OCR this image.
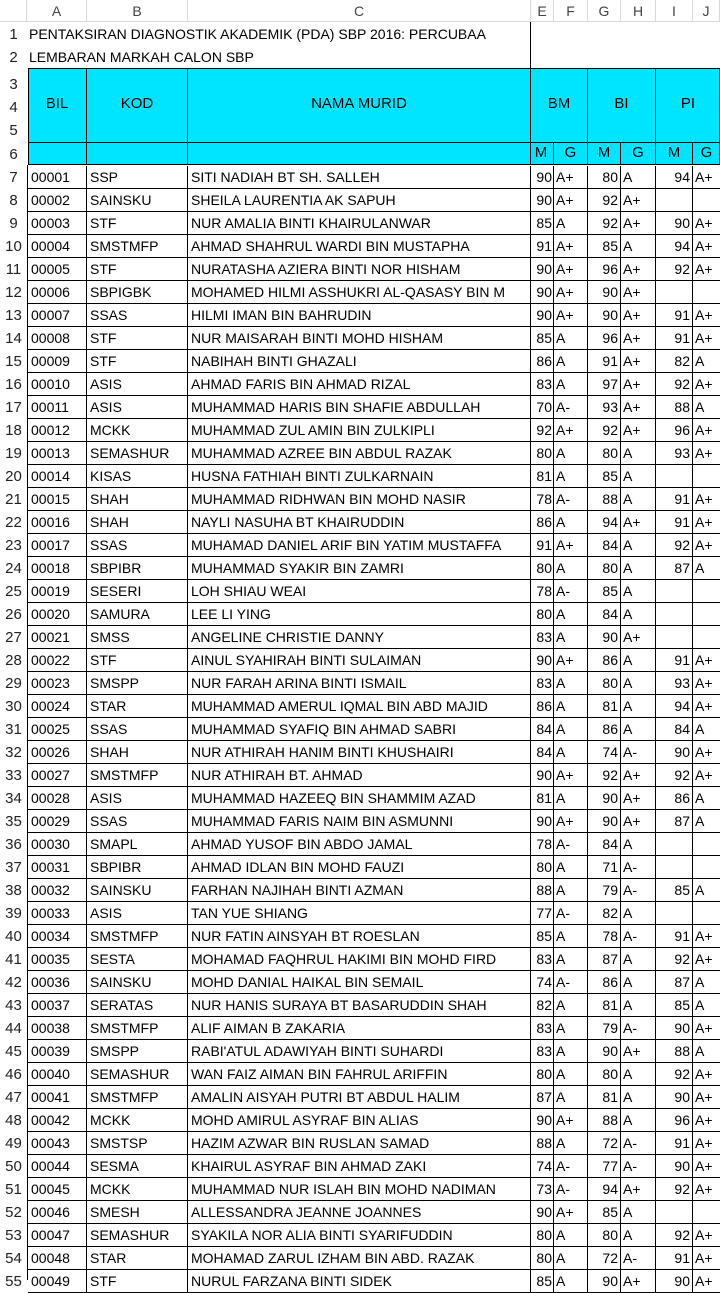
A	B	C	E	F	G	H	I	J
1
2
PENTAKSIRAN DIAGNOSTIK AKADEMIK (PDA) SBP 2016: PERCUBAA
LEMBARAN MARKAH CALON SBP
3
4
5
6
BIL	KOD	NAMA MURID	BM	BI	PI
M	G	M	G	M	G
7 00001	SSP	SITI NADIAH BT SH. SALLEH	90 A+	80 A	94 A+
8 00002	SAINSKU	SHEILA LAURENTIA AK SAPUH	90 A+	92 A+
9 00003	STF	NUR AMALIA BINTI KHAIRULANWAR	85 A	92 A+	90 A+
10 00004	SMSTMFP	AHMAD SHAHRUL WARDI BIN MUSTAPHA	91 A+	85 A	94 A+
11 00005	STF	NURATASHA AZIERA BINTI NOR HISHAM	90 A+	96 A+	92 A+
12 00006	SBPIGBK	MOHAMED HILMI ASSHUKRI AL-QASASY BIN M	90 A+	90 A+
13 00007	SSAS	HILMI IMAN BIN BAHRUDIN	90 A+	90 A+	91 A+
14 00008	STF	NUR MAISARAH BINTI MOHD HISHAM	85 A	96 A+	91 A+
15 00009	STF	NABIHAH BINTI GHAZALI	86 A	91 A+	82 A
16 00010	ASIS	AHMAD FARIS BIN AHMAD RIZAL	83 A	97 A+	92 A+
17 00011	ASIS	MUHAMMAD HARIS BIN SHAFIE ABDULLAH	70 A-	93 A+	88 A
18 00012	MCKK	MUHAMMAD ZUL AMIN BIN ZULKIPLI	92 A+	92 A+	96 A+
19 00013	SEMASHUR	MUHAMMAD AZREE BIN ABDUL RAZAK	80 A	80 A	93 A+
20 00014	KISAS	HUSNA FATHIAH BINTI ZULKARNAIN	81 A	85 A
21 00015	SHAH	MUHAMMAD RIDHWAN BIN MOHD NASIR	78 A-	88 A	91 A+
22 00016	SHAH	NAYLI NASUHA BT KHAIRUDDIN	86 A	94 A+	91 A+
23 00017	SSAS	MUHAMAD DANIEL ARIF BIN YATIM MUSTAFFA	91 A+	84 A	92 A+
24 00018	SBPIBR	MUHAMMAD SYAKIR BIN ZAMRI	80 A	80 A	87 A
25 00019	SESERI	LOH SHIAU WEAI	78 A-	85 A
26 00020	SAMURA	LEE LI YING	80 A	84 A
27 00021	SMSS	ANGELINE CHRISTIE DANNY	83 A	90 A+
28 00022	STF	AINUL SYAHIRAH BINTI SULAIMAN	90 A+	86 A	91 A+
29 00023	SMSPP	NUR FARAH ARINA BINTI ISMAIL	83 A	80 A	93 A+
30 00024	STAR	MUHAMMAD AMERUL IQMAL BIN ABD MAJID	86 A	81 A	94 A+
31 00025	SSAS	MUHAMMAD SYAFIQ BIN AHMAD SABRI	84 A	86 A	84 A
32 00026	SHAH	NUR ATHIRAH HANIM BINTI KHUSHAIRI	84 A	74 A-	90 A+
33 00027	SMSTMFP	NUR ATHIRAH BT. AHMAD	90 A+	92 A+	92 A+
34 00028	ASIS	MUHAMMAD HAZEEQ BIN SHAMMIM AZAD	81 A	90 A+	86 A
35 00029	SSAS	MUHAMMAD FARIS NAIM BIN ASMUNNI	90 A+	90 A+	87 A
36 00030	SMAPL	AHMAD YUSOF BIN ABDO JAMAL	78 A-	84 A
37 00031	SBPIBR	AHMAD IDLAN BIN MOHD FAUZI	80 A	71 A-
38 00032	SAINSKU	FARHAN NAJIHAH BINTI AZMAN	88 A	79 A-	85 A
39 00033	ASIS	TAN YUE SHIANG	77 A-	82 A
40 00034	SMSTMFP	NUR FATIN AINSYAH BT ROESLAN	85 A	78 A-	91 A+
41 00035	SESTA	MOHAMAD FAQHRUL HAKIMI BIN MOHD FIRD	83 A	87 A	92 A+
42 00036	SAINSKU	MOHD DANIAL HAIKAL BIN SEMAIL	74 A-	86 A	87 A
43 00037	SERATAS	NUR HANIS SURAYA BT BASARUDDIN SHAH	82 A	81 A	85 A
44 00038	SMSTMFP	ALIF AIMAN B ZAKARIA	83 A	79 A-	90 A+
45 00039	SMSPP	RABI'ATUL ADAWIYAH BINTI SUHARDI	83 A	90 A+	88 A
46 00040	SEMASHUR	WAN FAIZ AIMAN BIN FAHRUL ARIFFIN	80 A	80 A	92 A+
47 00041	SMSTMFP	AMALIN AISYAH PUTRI BT ABDUL HALIM	87 A	81 A	90 A+
48 00042	MCKK	MOHD AMIRUL ASYRAF BIN ALIAS	90 A+	88 A	96 A+
49 00043	SMSTSP	HAZIM AZWAR BIN RUSLAN SAMAD	88 A	72 A-	91 A+
50 00044	SESMA	KHAIRUL ASYRAF BIN AHMAD ZAKI	74 A-	77 A-	90 A+
51 00045	MCKK	MUHAMMAD NUR ISLAH BIN MOHD NADIMAN	73 A-	94 A+	92 A+
52 00046	SMESH	ALLESSANDRA JEANNE JOANNES	90 A+	85 A
53 00047	SEMASHUR	SYAKILA NOR ALIA BINTI SYARIFUDDIN	80 A	80 A	92 A+
54 00048	STAR	MOHAMAD ZARUL IZHAM BIN ABD. RAZAK	80 A	72 A-	91 A+
55 00049	STF	NURUL FARZANA BINTI SIDEK	85 A	90 A+	90 A+
